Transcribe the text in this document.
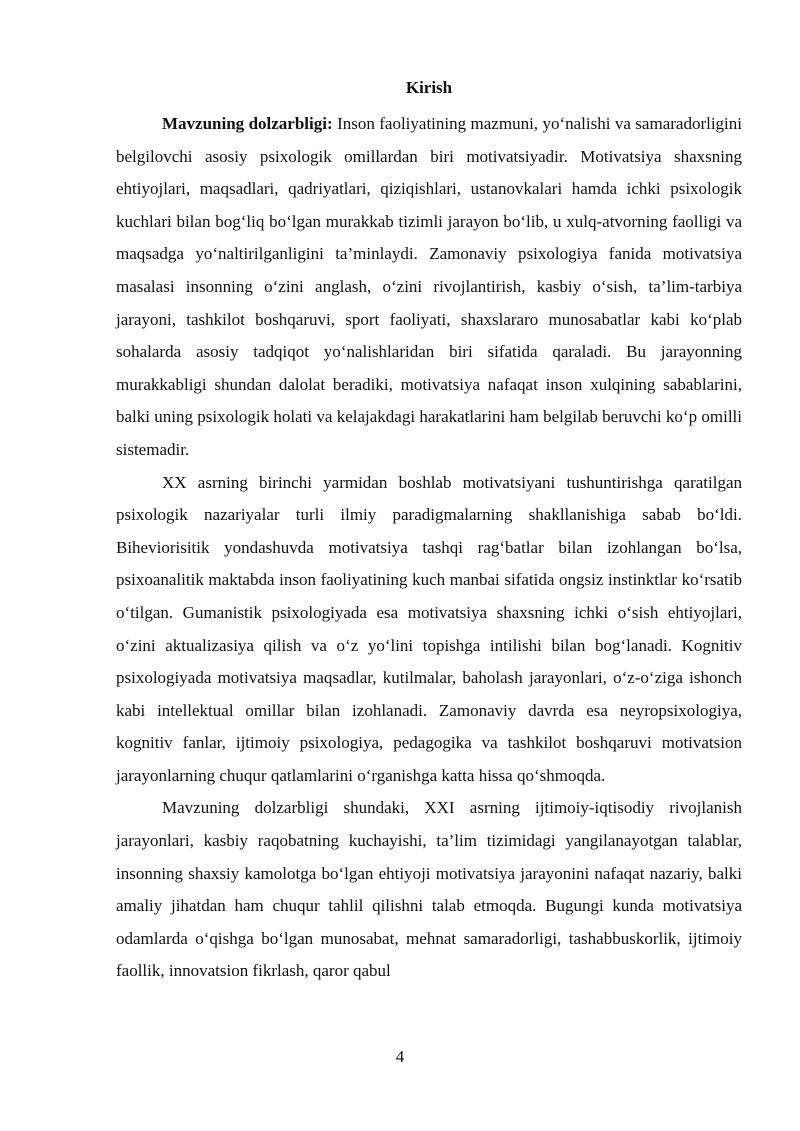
Kirish

Mavzuning dolzarbligi: Inson faoliyatining mazmuni, yo‘nalishi va samaradorligini belgilovchi asosiy psixologik omillardan biri motivatsiyadir. Motivatsiya shaxsning ehtiyojlari, maqsadlari, qadriyatlari, qiziqishlari, ustanovkalari hamda ichki psixologik kuchlari bilan bog‘liq bo‘lgan murakkab tizimli jarayon bo‘lib, u xulq-atvorning faolligi va maqsadga yo‘naltirilganligini ta’minlaydi. Zamonaviy psixologiya fanida motivatsiya masalasi insonning o‘zini anglash, o‘zini rivojlantirish, kasbiy o‘sish, ta’lim-tarbiya jarayoni, tashkilot boshqaruvi, sport faoliyati, shaxslararo munosabatlar kabi ko‘plab sohalarda asosiy tadqiqot yo‘nalishlaridan biri sifatida qaraladi. Bu jarayonning murakkabligi shundan dalolat beradiki, motivatsiya nafaqat inson xulqining sabablarini, balki uning psixologik holati va kelajakdagi harakatlarini ham belgilab beruvchi ko‘p omilli sistemadir.

XX asrning birinchi yarmidan boshlab motivatsiyani tushuntirishga qaratilgan psixologik nazariyalar turli ilmiy paradigmalarning shakllanishiga sabab bo‘ldi. Biheviorisitik yondashuvda motivatsiya tashqi rag‘batlar bilan izohlangan bo‘lsa, psixoanalitik maktabda inson faoliyatining kuch manbai sifatida ongsiz instinktlar ko‘rsatib o‘tilgan. Gumanistik psixologiyada esa motivatsiya shaxsning ichki o‘sish ehtiyojlari, o‘zini aktualizasiya qilish va o‘z yo‘lini topishga intilishi bilan bog‘lanadi. Kognitiv psixologiyada motivatsiya maqsadlar, kutilmalar, baholash jarayonlari, o‘z-o‘ziga ishonch kabi intellektual omillar bilan izohlanadi. Zamonaviy davrda esa neyropsixologiya, kognitiv fanlar, ijtimoiy psixologiya, pedagogika va tashkilot boshqaruvi motivatsion jarayonlarning chuqur qatlamlarini o‘rganishga katta hissa qo‘shmoqda.

Mavzuning dolzarbligi shundaki, XXI asrning ijtimoiy-iqtisodiy rivojlanish jarayonlari, kasbiy raqobatning kuchayishi, ta’lim tizimidagi yangilanayotgan talablar, insonning shaxsiy kamolotga bo‘lgan ehtiyoji motivatsiya jarayonini nafaqat nazariy, balki amaliy jihatdan ham chuqur tahlil qilishni talab etmoqda. Bugungi kunda motivatsiya odamlarda o‘qishga bo‘lgan munosabat, mehnat samaradorligi, tashabbuskorlik, ijtimoiy faollik, innovatsion fikrlash, qaror qabul

4
